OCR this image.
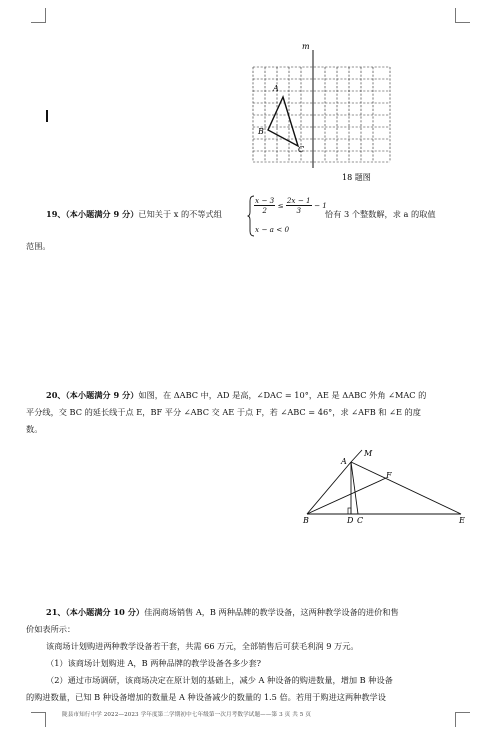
m
A
B
C
18 题图
19、（本小题满分 9 分）已知关于 x 的不等式组	$\frac{x - 3}{2} \le \frac{2x - 1}{3} - 1$
x − a < 0
恰有 3 个整数解，求 a 的取值
范围。
20、（本小题满分 9 分）如图，在 ΔABC 中，AD 是高，∠DAC = 10°，AE 是 ΔABC 外角 ∠MAC 的
平分线，交 BC 的延长线于点 E，BF 平分 ∠ABC 交 AE 于点 F，若 ∠ABC = 46°，求 ∠AFB 和 ∠E 的度
数。
A
M
F
B	D C	E
21、（本小题满分 10 分）佳润商场销售 A，B 两种品牌的教学设备，这两种教学设备的进价和售
价如表所示：
该商场计划购进两种教学设备若干套，共需 66 万元，全部销售后可获毛利润 9 万元。
（1）该商场计划购进 A，B 两种品牌的教学设备各多少套?
（2）通过市场调研，该商场决定在原计划的基础上，减少 A 种设备的购进数量，增加 B 种设备
的购进数量，已知 B 种设备增加的数量是 A 种设备减少的数量的 1.5 倍。若用于购进这两种教学设
陇县市知行中学 2022—2023 学年度第二学期初中七年级第一次月考数学试题——第 3 页 共 5 页
